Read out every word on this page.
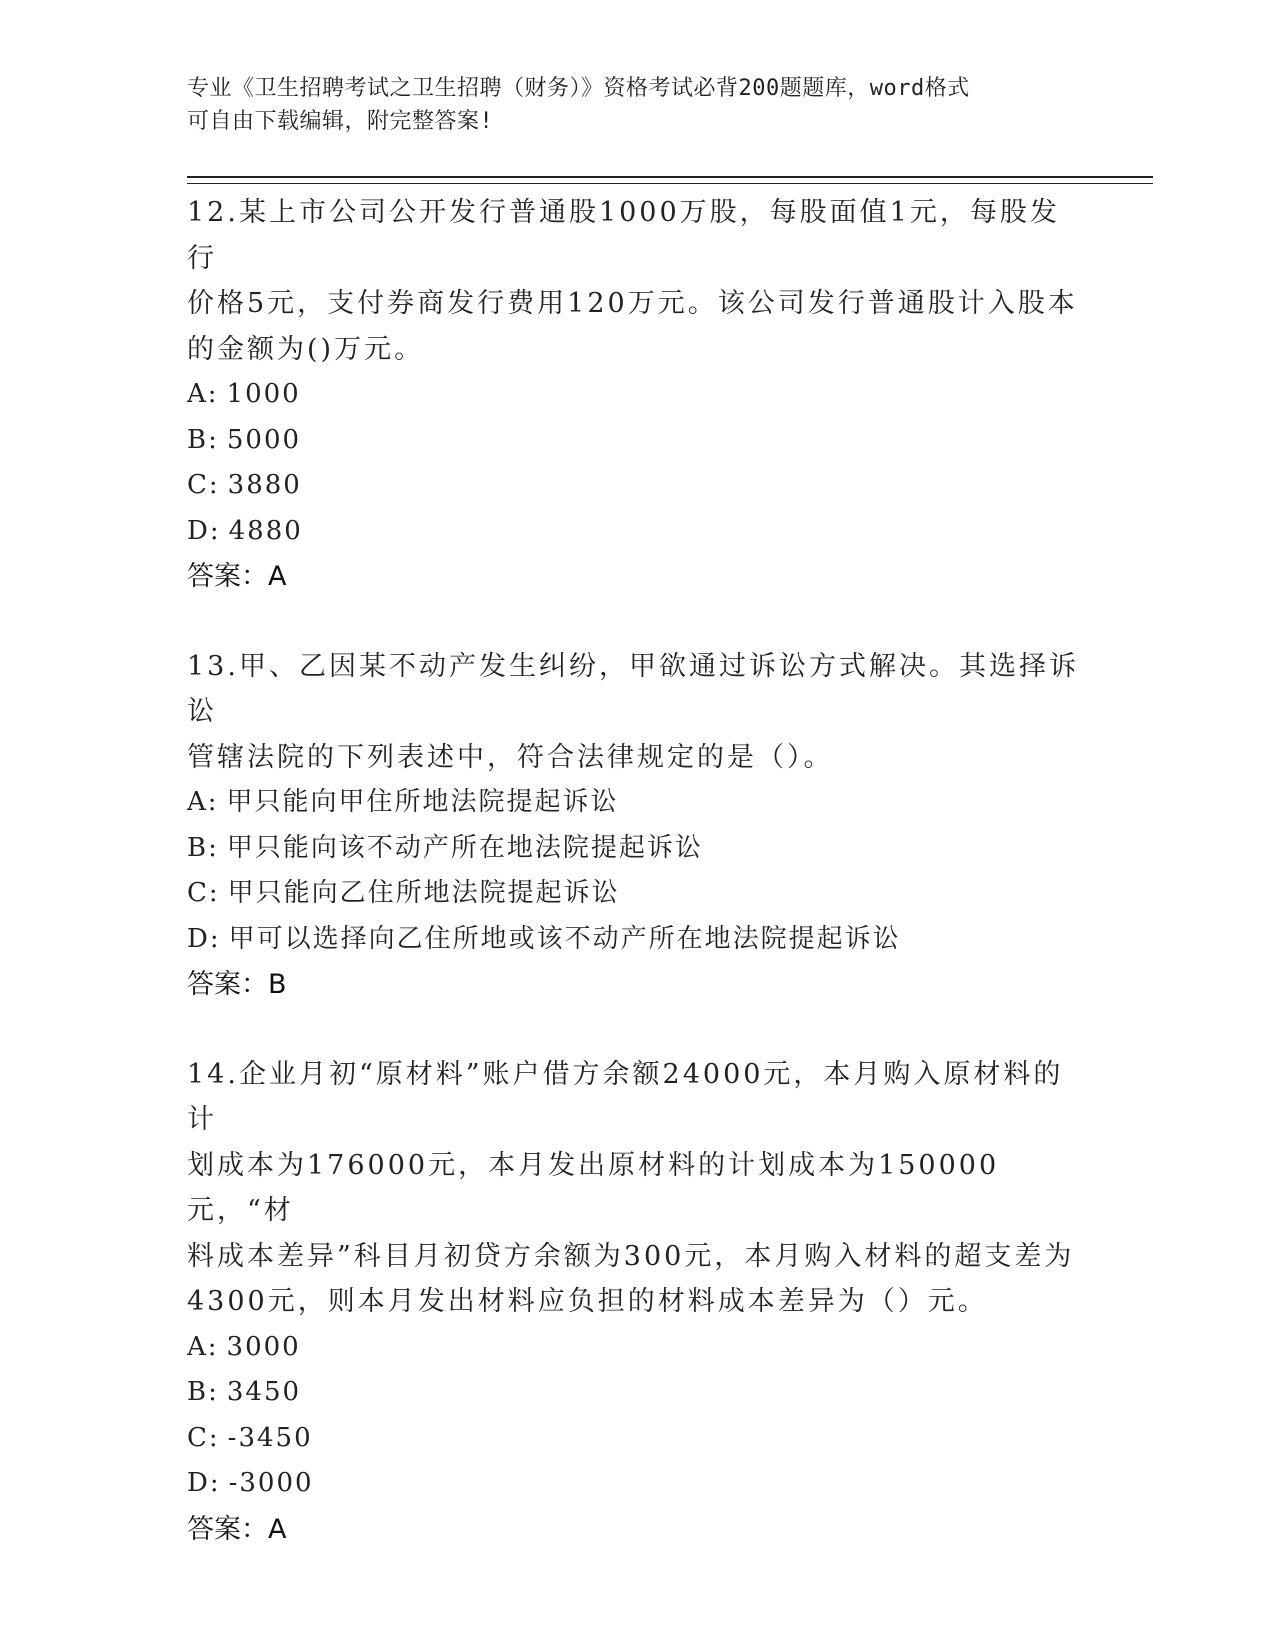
专业《卫生招聘考试之卫生招聘（财务）》资格考试必背200题题库，word格式
可自由下载编辑，附完整答案!

12.某上市公司公开发行普通股1000万股，每股面值1元，每股发行

价格5元，支付券商发行费用120万元。该公司发行普通股计入股本

的金额为()万元。

A: 1000

B: 5000

C: 3880

D: 4880

答案：A

13.甲、乙因某不动产发生纠纷，甲欲通过诉讼方式解决。其选择诉讼

管辖法院的下列表述中，符合法律规定的是（）。

A: 甲只能向甲住所地法院提起诉讼

B: 甲只能向该不动产所在地法院提起诉讼

C: 甲只能向乙住所地法院提起诉讼

D: 甲可以选择向乙住所地或该不动产所在地法院提起诉讼

答案：B

14.企业月初“原材料”账户借方余额24000元，本月购入原材料的计

划成本为176000元，本月发出原材料的计划成本为150000元，“材

料成本差异”科目月初贷方余额为300元，本月购入材料的超支差为

4300元，则本月发出材料应负担的材料成本差异为（）元。

A: 3000

B: 3450

C: -3450

D: -3000

答案：A
